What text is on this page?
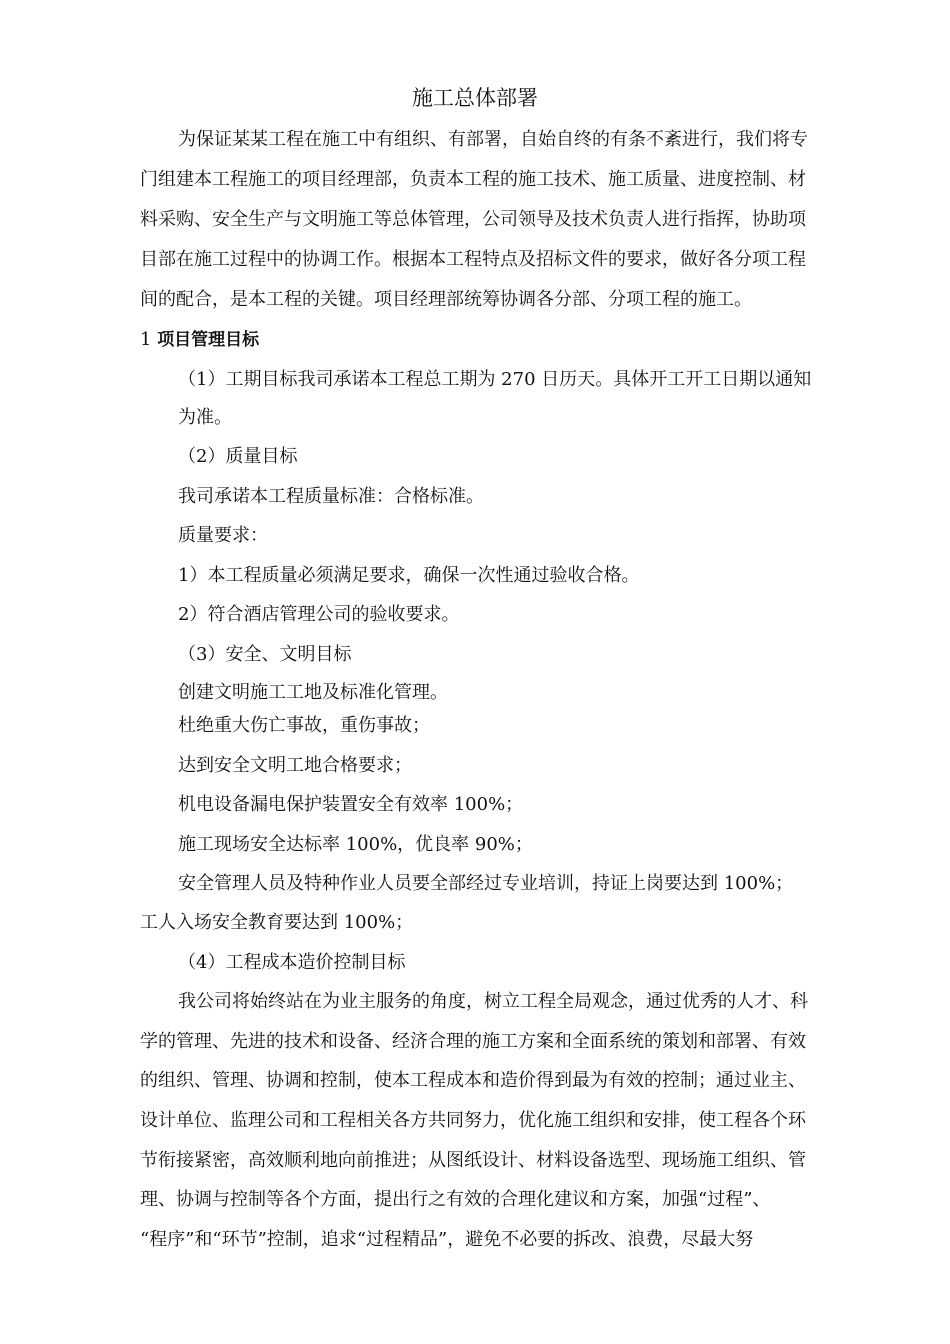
施工总体部署
为保证某某工程在施工中有组织、有部署，自始自终的有条不紊进行，我们将专
门组建本工程施工的项目经理部，负责本工程的施工技术、施工质量、进度控制、材
料采购、安全生产与文明施工等总体管理，公司领导及技术负责人进行指挥，协助项
目部在施工过程中的协调工作。根据本工程特点及招标文件的要求，做好各分项工程
间的配合，是本工程的关键。项目经理部统筹协调各分部、分项工程的施工。
1 项目管理目标
（1）工期目标我司承诺本工程总工期为 270 日历天。具体开工开工日期以通知
为准。
（2）质量目标
我司承诺本工程质量标准：合格标准。
质量要求：
1）本工程质量必须满足要求，确保一次性通过验收合格。
2）符合酒店管理公司的验收要求。
（3）安全、文明目标
创建文明施工工地及标准化管理。
杜绝重大伤亡事故，重伤事故；
达到安全文明工地合格要求；
机电设备漏电保护装置安全有效率 100%；
施工现场安全达标率 100%，优良率 90%；
安全管理人员及特种作业人员要全部经过专业培训，持证上岗要达到 100%；
工人入场安全教育要达到 100%；
（4）工程成本造价控制目标
我公司将始终站在为业主服务的角度，树立工程全局观念，通过优秀的人才、科
学的管理、先进的技术和设备、经济合理的施工方案和全面系统的策划和部署、有效
的组织、管理、协调和控制，使本工程成本和造价得到最为有效的控制；通过业主、
设计单位、监理公司和工程相关各方共同努力，优化施工组织和安排，使工程各个环
节衔接紧密，高效顺利地向前推进；从图纸设计、材料设备选型、现场施工组织、管
理、协调与控制等各个方面，提出行之有效的合理化建议和方案，加强“过程”、
“程序”和“环节”控制，追求“过程精品”，避免不必要的拆改、浪费，尽最大努
